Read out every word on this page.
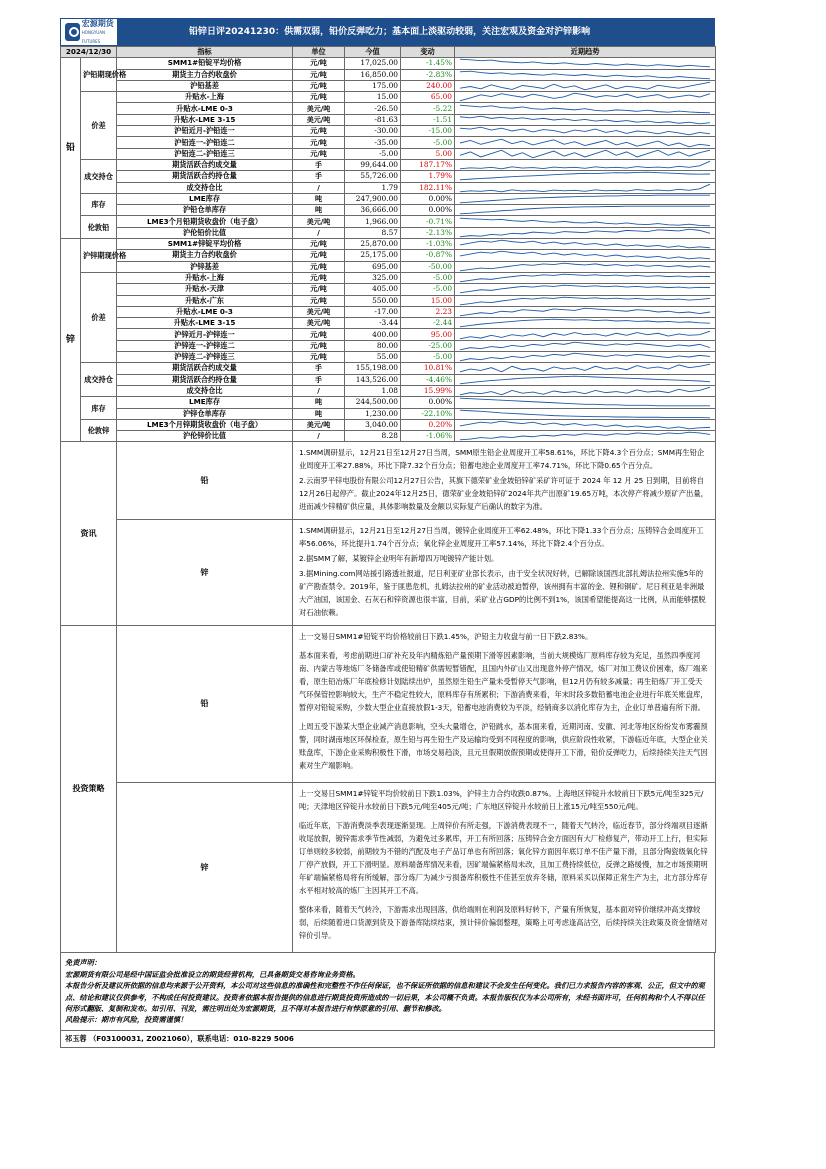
宏源期货
HONGYUAN FUTURES
铅锌日评20241230：供需双弱，铅价反弹吃力；基本面上淡驱动较弱，关注宏观及资金对沪锌影响
2024/12/30		指标	单位	今值	变动	近期趋势
铅	沪铅期现价格	SMM1#铅锭平均价格	元/吨	17,025.00	-1.45%	

		期货主力合约收盘价	元/吨	16,850.00	-2.83%	

		沪铅基差	元/吨	175.00	240.00	

	价差	升贴水-上海	元/吨	15.00	65.00	

		升贴水-LME 0-3	美元/吨	-26.50	-5.22	

		升贴水-LME 3-15	美元/吨	-81.63	-1.51	

		沪铅近月-沪铅连一	元/吨	-30.00	-15.00	

		沪铅连一-沪铅连二	元/吨	-35.00	-5.00	

		沪铅连二-沪铅连三	元/吨	-5.00	5.00	

	成交持仓	期货活跃合约成交量	手	99,644.00	187.17%	

		期货活跃合约持仓量	手	55,726.00	1.79%	

		成交持仓比	/	1.79	182.11%	

	库存	LME库存	吨	247,900.00	0.00%	

		沪铅仓单库存	吨	36,666.00	0.00%	

	伦敦铅	LME3个月铅期货收盘价（电子盘）	美元/吨	1,966.00	-0.71%	

		沪伦铅价比值	/	8.57	-2.13%	

锌	沪锌期现价格	SMM1#锌锭平均价格	元/吨	25,870.00	-1.03%	

		期货主力合约收盘价	元/吨	25,175.00	-0.87%	

		沪锌基差	元/吨	695.00	-50.00	

	价差	升贴水-上海	元/吨	325.00	-5.00	

		升贴水-天津	元/吨	405.00	-5.00	

		升贴水-广东	元/吨	550.00	15.00	

		升贴水-LME 0-3	美元/吨	-17.00	2.23	

		升贴水-LME 3-15	美元/吨	-3.44	-2.44	

		沪锌近月-沪锌连一	元/吨	400.00	95.00	

		沪锌连一-沪锌连二	元/吨	80.00	-25.00	

		沪锌连二-沪锌连三	元/吨	55.00	-5.00	

	成交持仓	期货活跃合约成交量	手	155,198.00	10.81%	

		期货活跃合约持仓量	手	143,526.00	-4.46%	

		成交持仓比	/	1.08	15.99%	

	库存	LME库存	吨	244,500.00	0.00%	

		沪锌仓单库存	吨	1,230.00	-22.10%	

	伦敦锌	LME3个月锌期货收盘价（电子盘）	美元/吨	3,040.00	0.20%	

		沪伦锌价比值	/	8.28	-1.06%	

资讯		铅	1.SMM调研显示，12月21日至12月27日当周，SMM原生铅企业周度开工率58.61%，环比下降4.3个百分点；SMM再生铅企业周度开工率27.88%，环比下降7.32个百分点；铅蓄电池企业周度开工率74.71%，环比下降0.65个百分点。

2.云南罗平锌电股份有限公司12月27日公告，其旗下德荣矿业金坡铅锌矿采矿许可证于 2024 年 12 月 25 日到期，目前将自12月26日起停产。截止2024年12月25日，德荣矿业金坡铅锌矿2024年共产出原矿19.65万吨，本次停产将减少原矿产出量，进而减少锌精矿供应量，具体影响数量及金额以实际复产后确认的数字为准。			

		锌	1.SMM调研显示，12月21日至12月27日当周，镀锌企业周度开工率62.48%，环比下降1.33个百分点；压铸锌合金周度开工率56.06%，环比提升1.74个百分点；氧化锌企业周度开工率57.14%，环比下降2.4个百分点。

2.据SMM了解，某镀锌企业明年有新增四万吨镀锌产能计划。

3.据Mining.com网站援引路透社报道，尼日利亚矿业部长表示，由于安全状况好转，已解除该国西北部扎姆法拉州实施5年的矿产勘查禁令。2019年，鉴于匪患危机，扎姆法拉州的矿业活动被迫暂停，该州拥有丰富的金、锂和铜矿。尼日利亚是非洲最大产油国，该国金、石灰石和锌资源也很丰富，目前，采矿业占GDP的比例不到1%，该国希望能提高这一比例，从而能够摆脱对石油依赖。			

投资策略		铅	上一交易日SMM1#铅锭平均价格较前日下跌1.45%，沪铅主力收盘与前一日下跌2.83%。

基本面来看，考虑前期进口矿补充及年内精炼铅产量预期下滑等因素影响，当前大规模炼厂原料库存较为充足，虽然四季度河南、内蒙古等地炼厂冬储备库或使铅精矿供需短暂错配，且国内外矿山又出现意外停产情况，炼厂对加工费议价困难，炼厂端来看，原生铅冶炼厂年底检修计划陆续出炉，虽然原生铅生产量未受暂停天气影响，但12月仍有较多减量；再生铅炼厂开工受天气环保管控影响较大，生产不稳定性较大，原料库存有所累积；下游消费来看，年末时段多数铅蓄电池企业进行年底关账盘库，暂停对铅锭采购，少数大型企业直接放假1-3天，铅蓄电池消费较为平淡，经销商多以消化库存为主，企业订单普遍有所下滑。

上周五受下游某大型企业减产消息影响，空头大量增仓，沪铅跳水，基本面来看，近期河南、安徽、河北等地区纷纷发布雾霾预警，同时湖南地区环保检查，原生铅与再生铅生产及运输均受到不同程度的影响，供应阶段性收紧，下游临近年底，大型企业关账盘库，下游企业采购积极性下滑，市场交易趋淡，且元旦假期放假预期或使得开工下滑，铅价反弹吃力，后续持续关注天气因素对生产端影响。			

		锌	上一交易日SMM1#锌锭平均价较前日下跌1.03%，沪锌主力合约收跌0.87%。上海地区锌锭升水较前日下跌5元/吨至325元/吨；天津地区锌锭升水较前日下跌5元/吨至405元/吨；广东地区锌锭升水较前日上涨15元/吨至550元/吨。

临近年底，下游消费淡季表现逐渐显现。上周锌价有所走强，下游消费表现不一，随着天气转冷，临近春节，部分终端项目逐渐收尾放假，镀锌需求季节性减弱，为避免过多累库，开工有所回落；压铸锌合金方面因有大厂检修复产，带动开工上行，但实际订单则较多较弱，前期较为不错的汽配及电子产品订单也有所回落；氧化锌方面因年底订单不佳产量下滑，且部分陶瓷级氧化锌厂停产放假，开工下滑明显。原料端备库情况来看，因矿端偏紧格局未改，且加工费持续低位，反弹之路缓慢，加之市场预期明年矿端偏紧格局将有所缓解，部分炼厂为减少亏损备库积极性不佳甚至放弃冬储，原料采买以保障正常生产为主，北方部分库存水平相对较高的炼厂主因其开工不高。

整体来看，随着天气转冷，下游需求出现回落，供给端则在利润及原料好转下，产量有所恢复，基本面对锌价继续冲高支撑较弱，后续随着进口货源到货及下游备库陆续结束，预计锌价偏弱整理，策略上可考虑逢高沽空，后续持续关注政策及资金情绪对锌价引导。			

免责声明：

宏源期货有限公司是经中国证监会批准设立的期货经营机构，已具备期货交易咨询业务资格。

本报告分析及建议所依据的信息均来源于公开资料，本公司对这些信息的准确性和完整性不作任何保证，也不保证所依据的信息和建议不会发生任何变化。我们已力求报告内容的客观、公正，但文中的观点、结论和建议仅供参考，不构成任何投资建议。投资者依据本报告提供的信息进行期货投资所造成的一切后果，本公司概不负责。本报告版权仅为本公司所有，未经书面许可，任何机构和个人不得以任何形式翻版、复制和发布。如引用、刊发，需注明出处为宏源期货，且不得对本报告进行有悖原意的引用、删节和修改。

风险提示：期市有风险，投资需谨慎！

祁玉蓉 （F03100031, Z0021060），联系电话：010-8229 5006
